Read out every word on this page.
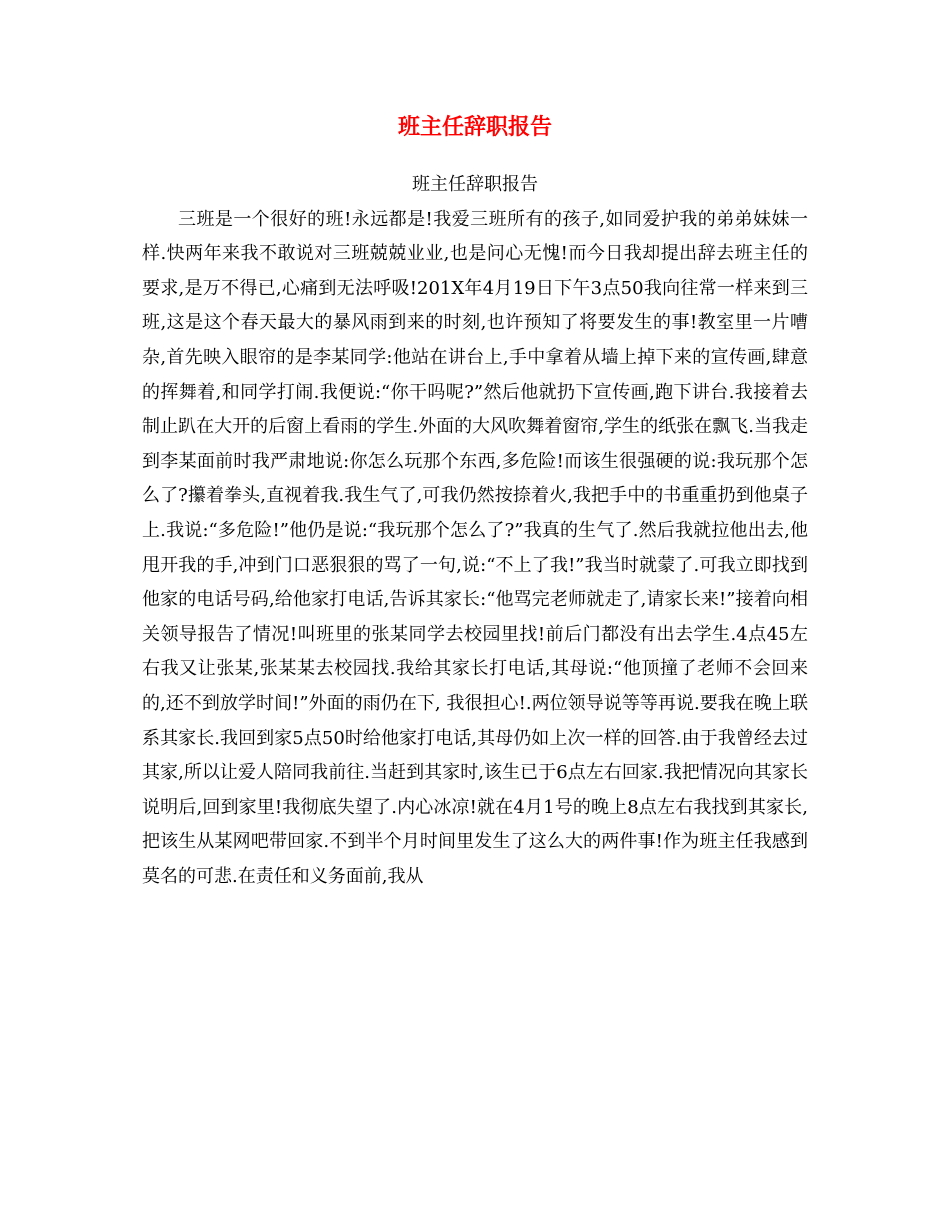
班主任辞职报告

班主任辞职报告

三班是一个很好的班!永远都是!我爱三班所有的孩子,如同爱护我的弟弟妹妹一样.快两年来我不敢说对三班兢兢业业,也是问心无愧!而今日我却提出辞去班主任的要求,是万不得已,心痛到无法呼吸!201X年4月19日下午3点50我向往常一样来到三班,这是这个春天最大的暴风雨到来的时刻,也许预知了将要发生的事!教室里一片嘈杂,首先映入眼帘的是李某同学:他站在讲台上,手中拿着从墙上掉下来的宣传画,肆意的挥舞着,和同学打闹.我便说:“你干吗呢?”然后他就扔下宣传画,跑下讲台.我接着去制止趴在大开的后窗上看雨的学生.外面的大风吹舞着窗帘,学生的纸张在飘飞.当我走到李某面前时我严肃地说:你怎么玩那个东西,多危险!而该生很强硬的说:我玩那个怎么了?攥着拳头,直视着我.我生气了,可我仍然按捺着火,我把手中的书重重扔到他桌子上.我说:“多危险!”他仍是说:“我玩那个怎么了?”我真的生气了.然后我就拉他出去,他甩开我的手,冲到门口恶狠狠的骂了一句,说:“不上了我!”我当时就蒙了.可我立即找到他家的电话号码,给他家打电话,告诉其家长:“他骂完老师就走了,请家长来!”接着向相关领导报告了情况!叫班里的张某同学去校园里找!前后门都没有出去学生.4点45左右我又让张某,张某某去校园找.我给其家长打电话,其母说:“他顶撞了老师不会回来的,还不到放学时间!”外面的雨仍在下, 我很担心!.两位领导说等等再说.要我在晚上联系其家长.我回到家5点50时给他家打电话,其母仍如上次一样的回答.由于我曾经去过其家,所以让爱人陪同我前往.当赶到其家时,该生已于6点左右回家.我把情况向其家长说明后,回到家里!我彻底失望了.内心冰凉!就在4月1号的晚上8点左右我找到其家长,把该生从某网吧带回家.不到半个月时间里发生了这么大的两件事!作为班主任我感到莫名的可悲.在责任和义务面前,我从
